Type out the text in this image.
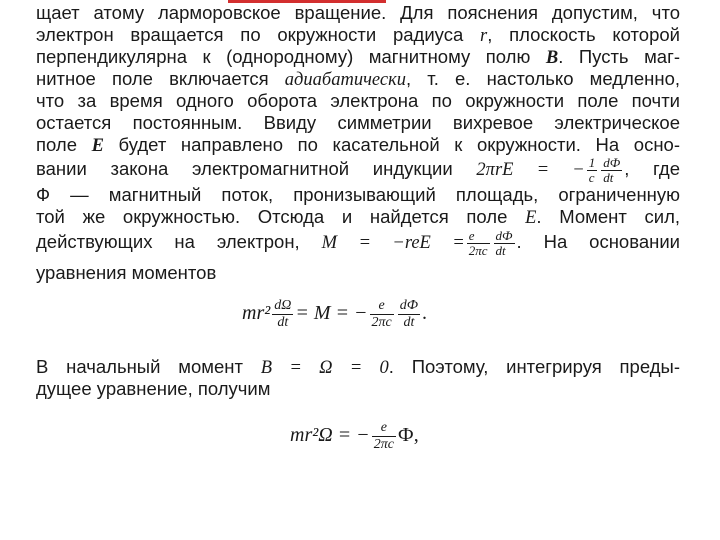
щает атому ларморовское вращение. Для пояснения допустим, что
электрон вращается по окружности радиуса r, плоскость которой
перпендикулярна к (однородному) магнитному полю B. Пусть маг-
нитное поле включается адиабатически, т. е. настолько медленно,
что за время одного оборота электрона по окружности поле почти
остается постоянным. Ввиду симметрии вихревое электрическое
поле E будет направлено по касательной к окружности. На осно-
вании закона электромагнитной индукции 2πrE = − $\frac{1}{c} \frac{dФ}{dt}$ , где
Ф — магнитный поток, пронизывающий площадь, ограниченную
той же окружностью. Отсюда и найдется поле E. Момент сил,
действующих на электрон, $M = -reE = \frac{e}{2\pi c} \frac{dФ}{dt}$ . На основании
уравнения моментов
$mr^2 \frac{d\Omega}{dt} = M$ = − $\frac{e}{2\pi c} \frac{dФ}{dt}$ .
В начальный момент B = Ω = 0. Поэтому, интегрируя преды-
дущее уравнение, получим
mr²Ω = − $\frac{e}{2\pi c} Ф$,
